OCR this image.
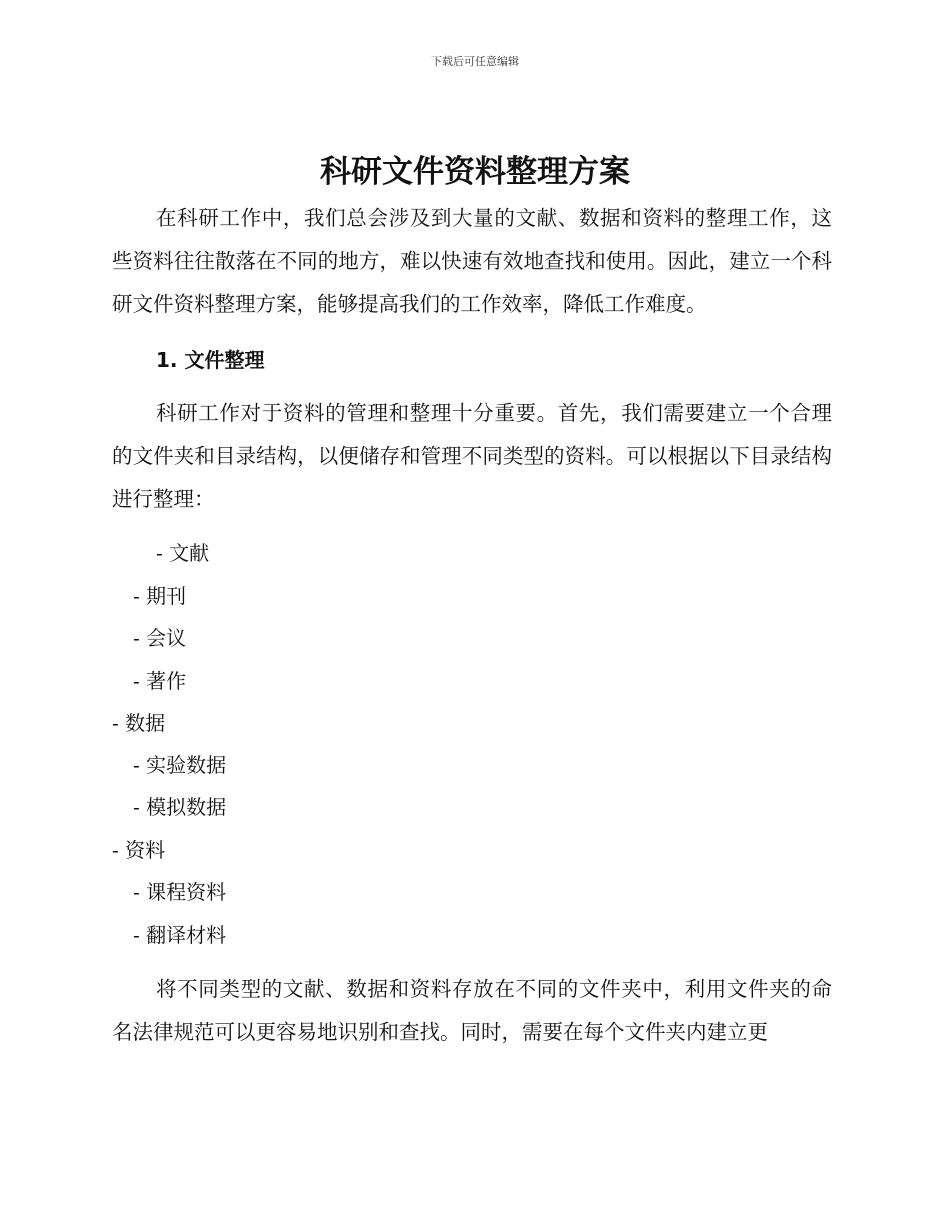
下载后可任意编辑
科研文件资料整理方案

在科研工作中，我们总会涉及到大量的文献、数据和资料的整理工作，这些资料往往散落在不同的地方，难以快速有效地查找和使用。因此，建立一个科研文件资料整理方案，能够提高我们的工作效率，降低工作难度。

1. 文件整理

科研工作对于资料的管理和整理十分重要。首先，我们需要建立一个合理的文件夹和目录结构，以便储存和管理不同类型的资料。可以根据以下目录结构进行整理：

- 文献
- 期刊
- 会议
- 著作
- 数据
- 实验数据
- 模拟数据
- 资料
- 课程资料
- 翻译材料

将不同类型的文献、数据和资料存放在不同的文件夹中，利用文件夹的命名法律规范可以更容易地识别和查找。同时，需要在每个文件夹内建立更
